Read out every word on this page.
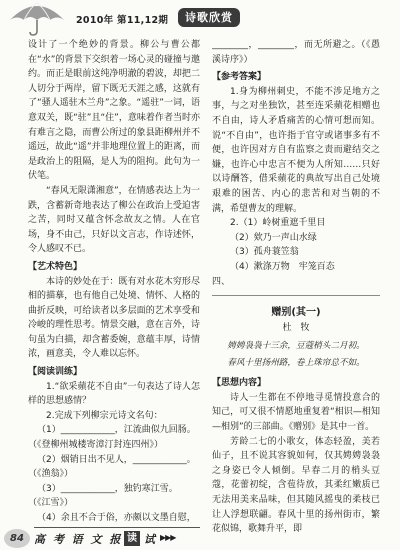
2010年 第11,12期	诗歌欣赏

设计了一个绝妙的背景。柳公与曹公都在“水”的背景下交织着一场心灵的碰撞与邀约。而正是眼前这纯净明澈的碧波，却把二人切分于两岸，留下既无天涯之感，这就有了“骚人遥驻木兰舟”之象。“遥驻”一词，语意双关，既“驻”且“住”，意味着作者当时亦有难言之隐，而曹公所过的象县距柳州并不遥远，故此“遥”并非地理位置上的距离，而是政治上的阻隔，是人为的阻拘。此句为一伏笔。

“春风无限潇湘意”，在情感表达上为一跌，含蓄新奇地表达了柳公在政治上受迫害之苦，同时又蕴含怀念故友之情。人在官场，身不由己，只好以文言志，作诗述怀，令人感叹不已。

【艺术特色】

本诗的妙处在于：既有对水花木穷形尽相的描摹，也有他自己处境、情怀、人格的曲折反映，可给读者以多层面的艺术享受和冷峻的理性思考。情景交融，意在言外，诗句虽为白描，却含蓄委婉，意蕴丰厚，诗情浓，画意美，令人难以忘怀。

【阅读训练】

1.“欲采蘋花不自由”一句表达了诗人怎样的思想感情？

2.完成下列柳宗元诗文名句：

（1）____________，江流曲似九回肠。

（《登柳州城楼寄漳汀封连四州》）

（2）烟销日出不见人，____________。

（《渔翁》）

（3）____________，独钓寒江雪。

（《江雪》）

（4）余且不合于俗，亦颇以文墨自慰，

________，________，而无所避之。（《愚溪诗序》）

【参考答案】

1.身为柳州刺史，不能不涉足地方之事，与之对坐独饮，甚至连采蘋花相赠也不自由，诗人矛盾痛苦的心情可想而知。说“不自由”，也许指于官守或诸事多有不便，也许因对方自有监察之责而避结交之嫌，也许心中忠言不便为人所知……只好以诗酬答，借采蘋花的典故写出自己处境艰难的困苦、内心的悲苦和对当朝的不满，希望曹友的理解。

2.（1）岭树重遮千里目

（2）欸乃一声山水绿

（3）孤舟蓑笠翁

（4）漱涤万物　牢笼百态

四、

赠别(其一)

杜　牧

娉娉袅袅十三余，豆蔻梢头二月初。

春风十里扬州路，卷上珠帘总不如。

【思想内容】

诗人一生都在不停地寻觅情投意合的知己，可又很不情愿地重复着“相识—相知—相别”的三部曲。《赠别》是其中一首。

芳龄二七的小歌女，体态轻盈，美若仙子，且不说其容貌如何，仅其娉娉袅袅之身姿已令人倾倒。早春二月的梢头豆蔻，花蕾初绽，含苞待放，其柔红嫩质已无法用美来品味，但其随风摇曳的柔枝已让人浮想联翩。春风十里的扬州街市，繁花似锦，歌舞升平，即

84 高 考 语 文 报 读 试 ▶▶▶
